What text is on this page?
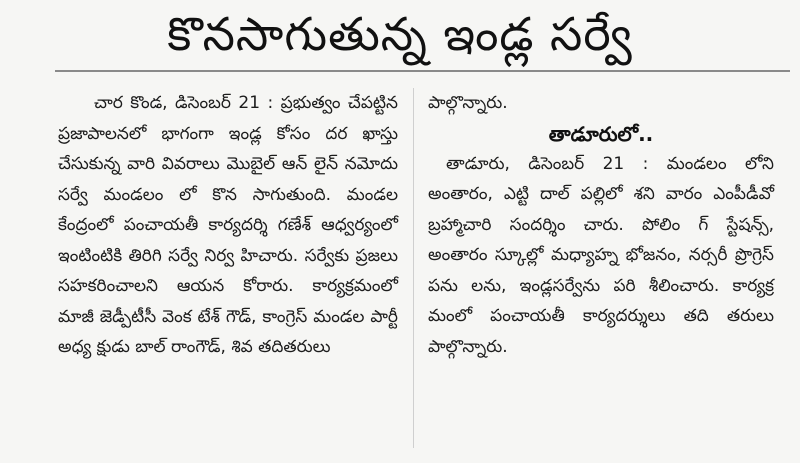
కొనసాగుతున్న ఇండ్ల సర్వే

చార కొండ, డిసెంబర్ 21 : ప్రభుత్వం చేపట్టిన ప్రజాపాలనలో భాగంగా ఇండ్ల కోసం దర ఖాస్తు చేసుకున్న వారి వివరాలు మొబైల్ ఆన్ లైన్ నమోదు సర్వే మండలం లో కొన సాగుతుంది. మండల కేంద్రంలో పంచాయతీ కార్యదర్శి గణేశ్ ఆధ్వర్యంలో ఇంటింటికి తిరిగి సర్వే నిర్వ హిచారు. సర్వేకు ప్రజలు సహకరించాలని ఆయన కోరారు. కార్యక్రమంలో మాజీ జెడ్పీటీసీ వెంక టేశ్ గౌడ్, కాంగ్రెస్ మండల పార్టీ అధ్య క్షుడు బాల్ రాంగౌడ్, శివ తదితరులు

పాల్గొన్నారు.

తాడూరులో..

తాడూరు, డిసెంబర్ 21 : మండలం లోని అంతారం, ఎట్టి దాల్ పల్లిలో శని వారం ఎంపీడీవో బ్రహ్మాచారి సందర్శిం చారు. పోలిం గ్ స్టేషన్స్, అంతారం స్కూల్లో మధ్యాహ్న భోజనం, నర్సరీ ప్రొగ్రెస్ పను లను, ఇండ్లసర్వేను పరి శీలించారు. కార్యక్ర మంలో పంచాయతీ కార్యదర్శులు తది తరులు పాల్గొన్నారు.
